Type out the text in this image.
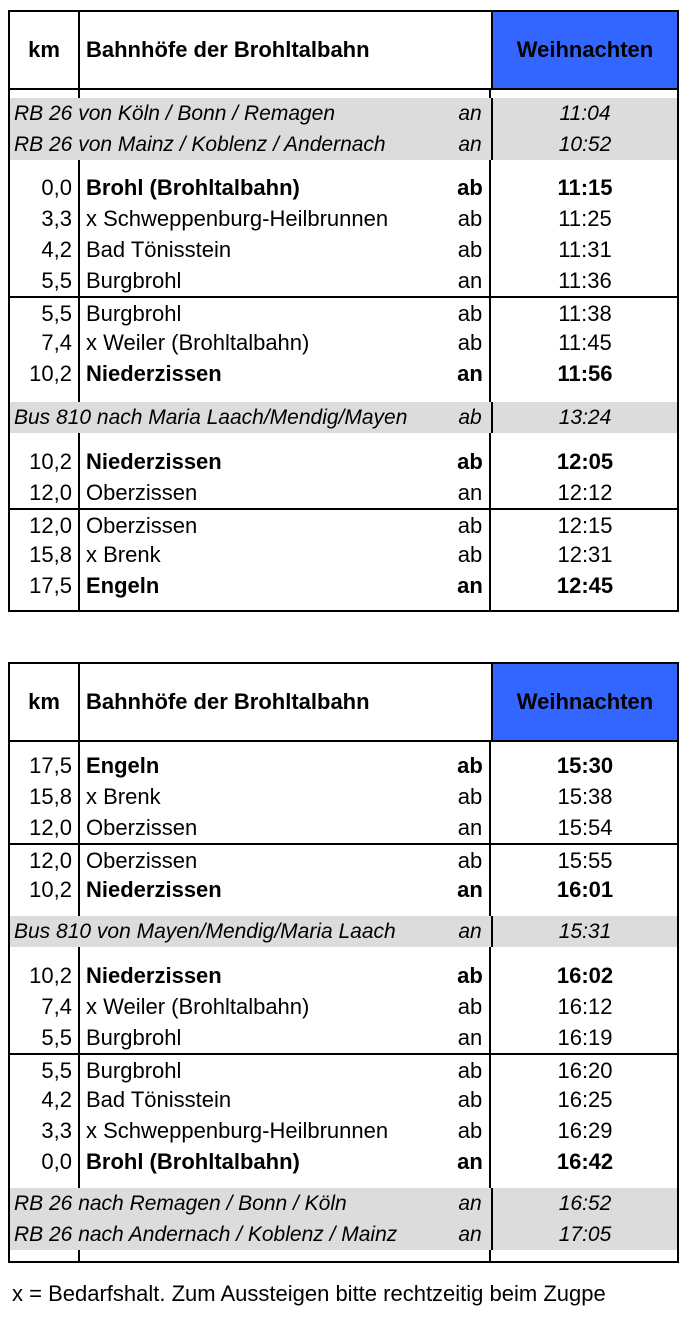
km	Bahnhöfe der Brohltalbahn	Weihnachten
RB 26 von Köln / Bonn / Remagen	an	11:04
RB 26 von Mainz / Koblenz / Andernach	an	10:52
0,0 Brohl (Brohltalbahn)	ab	11:15
3,3 x Schweppenburg-Heilbrunnen	ab	11:25
4,2 Bad Tönisstein	ab	11:31
5,5 Burgbrohl	an	11:36
5,5 Burgbrohl	ab	11:38
7,4 x Weiler (Brohltalbahn)	ab	11:45
10,2 Niederzissen	an	11:56
Bus 810 nach Maria Laach/Mendig/Mayen	ab	13:24
10,2 Niederzissen	ab	12:05
12,0 Oberzissen	an	12:12
12,0 Oberzissen	ab	12:15
15,8 x Brenk	ab	12:31
17,5 Engeln	an	12:45
km	Bahnhöfe der Brohltalbahn	Weihnachten
17,5 Engeln	ab	15:30
15,8 x Brenk	ab	15:38
12,0 Oberzissen	an	15:54
12,0 Oberzissen	ab	15:55
10,2 Niederzissen	an	16:01
Bus 810 von Mayen/Mendig/Maria Laach	an	15:31
10,2 Niederzissen	ab	16:02
7,4 x Weiler (Brohltalbahn)	ab	16:12
5,5 Burgbrohl	an	16:19
5,5 Burgbrohl	ab	16:20
4,2 Bad Tönisstein	ab	16:25
3,3 x Schweppenburg-Heilbrunnen	ab	16:29
0,0 Brohl (Brohltalbahn)	an	16:42
RB 26 nach Remagen / Bonn / Köln	an	16:52
RB 26 nach Andernach / Koblenz / Mainz	an	17:05
x = Bedarfshalt. Zum Aussteigen bitte rechtzeitig beim Zugpe
